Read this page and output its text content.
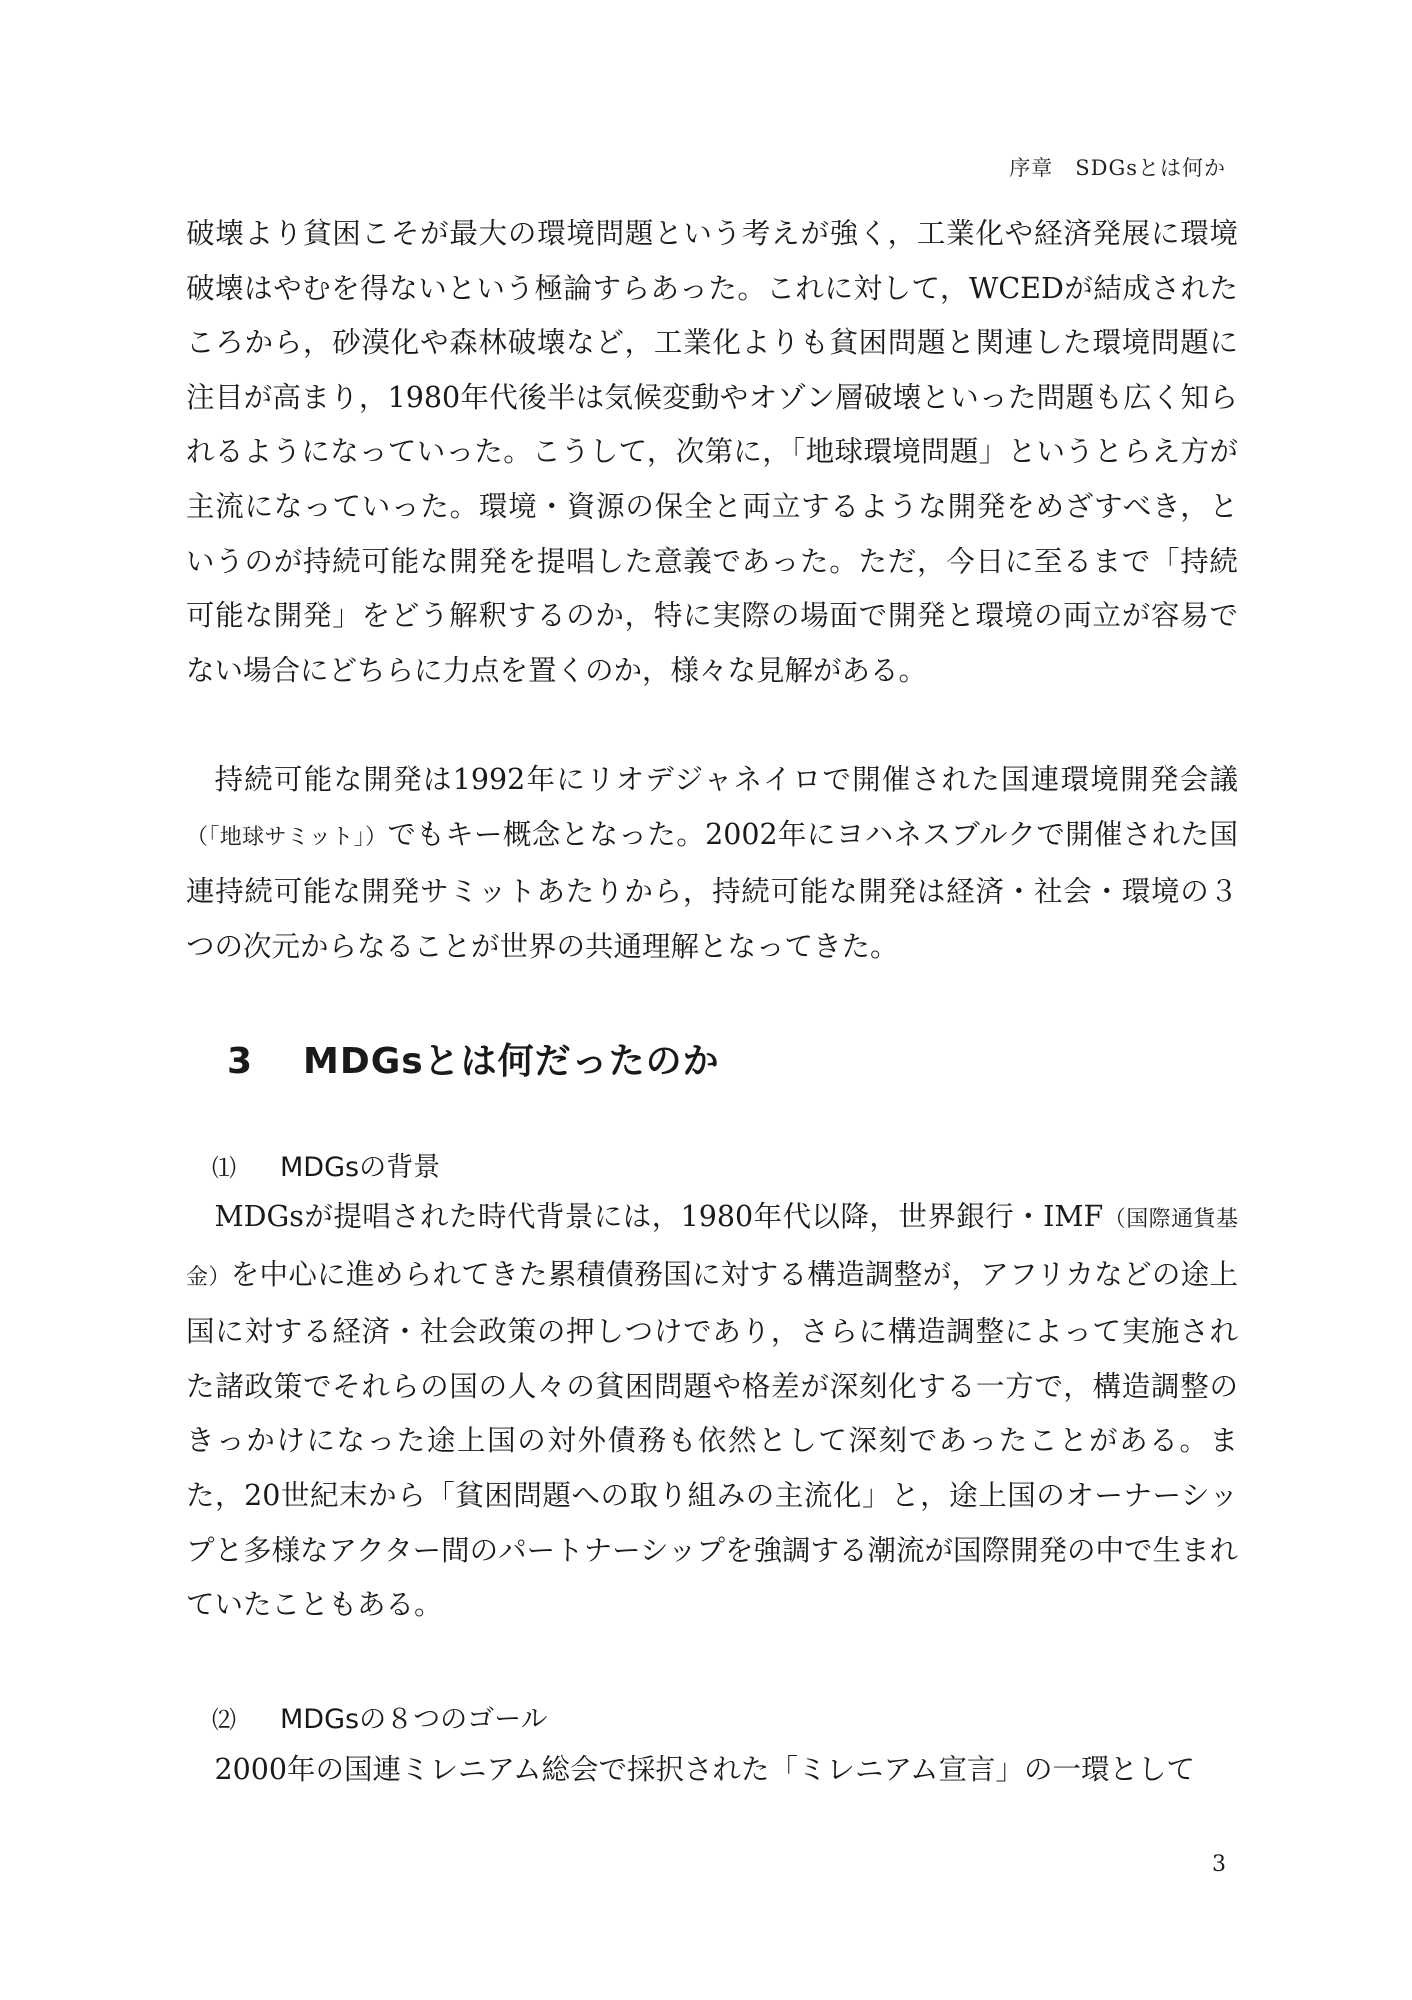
序章　SDGsとは何か

破壊より貧困こそが最大の環境問題という考えが強く，工業化や経済発展に環境破壊はやむを得ないという極論すらあった。これに対して，WCEDが結成されたころから，砂漠化や森林破壊など，工業化よりも貧困問題と関連した環境問題に注目が高まり，1980年代後半は気候変動やオゾン層破壊といった問題も広く知られるようになっていった。こうして，次第に，「地球環境問題」というとらえ方が主流になっていった。環境・資源の保全と両立するような開発をめざすべき，というのが持続可能な開発を提唱した意義であった。ただ，今日に至るまで「持続可能な開発」をどう解釈するのか，特に実際の場面で開発と環境の両立が容易でない場合にどちらに力点を置くのか，様々な見解がある。

持続可能な開発は1992年にリオデジャネイロで開催された国連環境開発会議（「地球サミット」）でもキー概念となった。2002年にヨハネスブルクで開催された国連持続可能な開発サミットあたりから，持続可能な開発は経済・社会・環境の３つの次元からなることが世界の共通理解となってきた。

3 MDGsとは何だったのか
⑴ MDGsの背景

MDGsが提唱された時代背景には，1980年代以降，世界銀行・IMF（国際通貨基金）を中心に進められてきた累積債務国に対する構造調整が，アフリカなどの途上国に対する経済・社会政策の押しつけであり，さらに構造調整によって実施された諸政策でそれらの国の人々の貧困問題や格差が深刻化する一方で，構造調整のきっかけになった途上国の対外債務も依然として深刻であったことがある。また，20世紀末から「貧困問題への取り組みの主流化」と，途上国のオーナーシップと多様なアクター間のパートナーシップを強調する潮流が国際開発の中で生まれていたこともある。

⑵ MDGsの８つのゴール

2000年の国連ミレニアム総会で採択された「ミレニアム宣言」の一環として

3
